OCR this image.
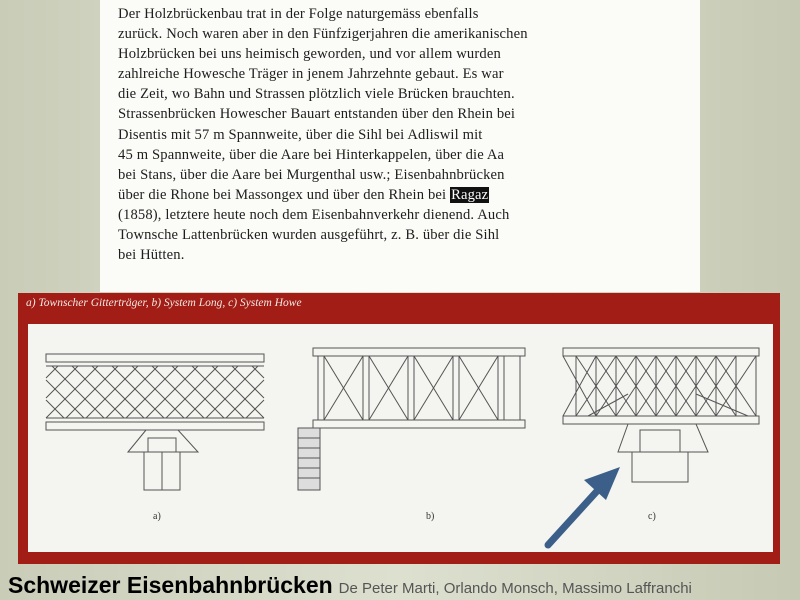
Der Holzbrückenbau trat in der Folge naturgemäss ebenfalls
zurück. Noch waren aber in den Fünfzigerjahren die amerikanischen
Holzbrücken bei uns heimisch geworden, und vor allem wurden
zahlreiche Howesche Träger in jenem Jahrzehnte gebaut. Es war
die Zeit, wo Bahn und Strassen plötzlich viele Brücken brauchten.
Strassenbrücken Howescher Bauart entstanden über den Rhein bei
Disentis mit 57 m Spannweite, über die Sihl bei Adliswil mit
45 m Spannweite, über die Aare bei Hinterkappelen, über die Aa
bei Stans, über die Aare bei Murgenthal usw.; Eisenbahnbrücken
über die Rhone bei Massongex und über den Rhein bei Ragaz
(1858), letztere heute noch dem Eisenbahnverkehr dienend. Auch
Townsche Lattenbrücken wurden ausgeführt, z. B. über die Sihl
bei Hütten.
a) Townscher Gitterträger, b) System Long, c) System Howe
a)	b)	c)
Schweizer Eisenbahnbrücken De Peter Marti, Orlando Monsch, Massimo Laffranchi
